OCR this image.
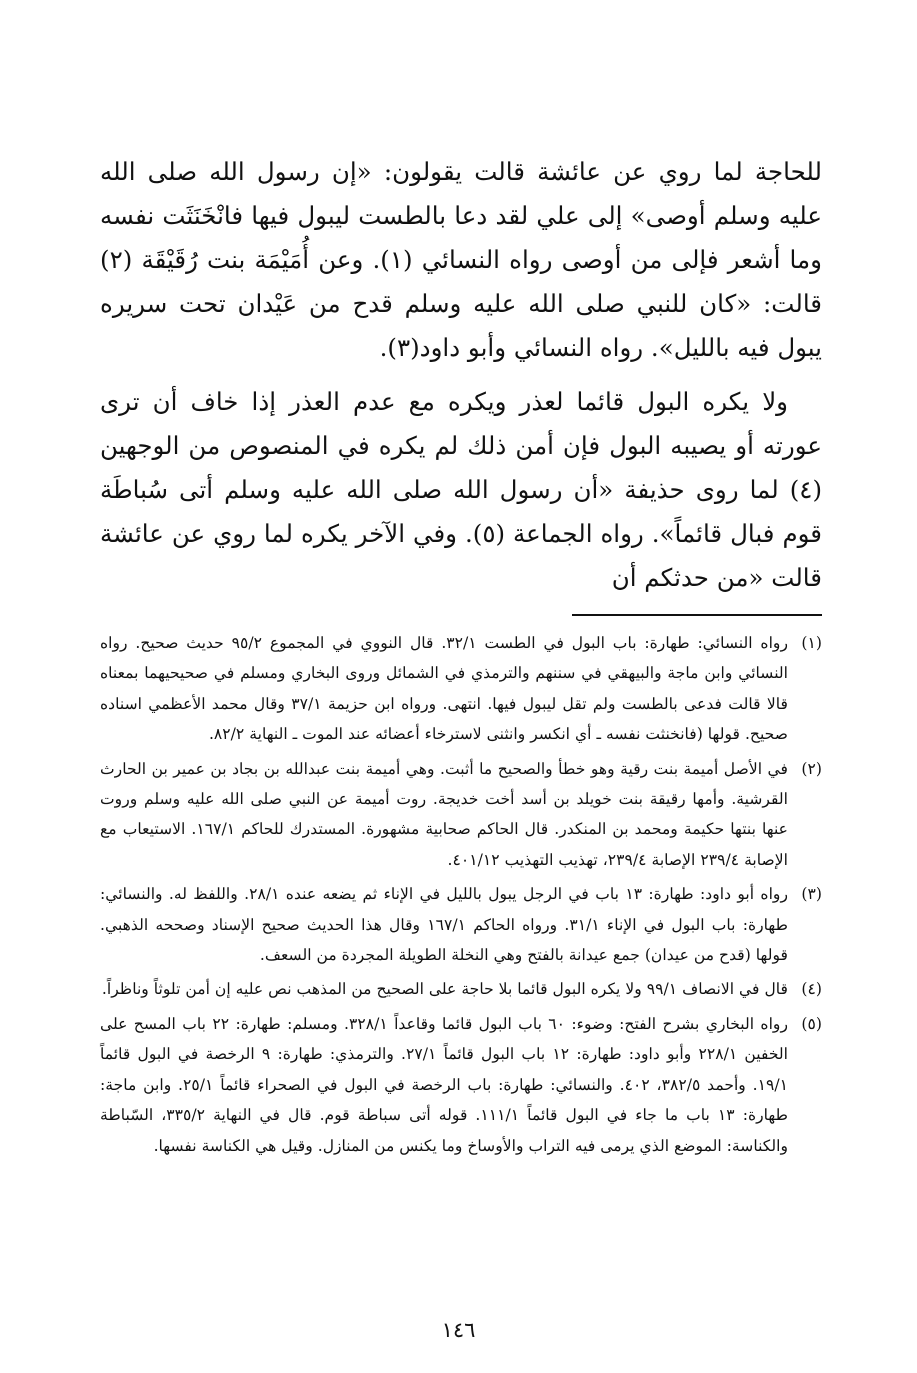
للحاجة لما روي عن عائشة قالت يقولون: «إن رسول الله صلى الله عليه وسلم أوصى» إلى علي لقد دعا بالطست ليبول فيها فانْخَنَثَت نفسه وما أشعر فإلى من أوصى رواه النسائي (١). وعن أُمَيْمَة بنت رُقَيْقَة (٢) قالت: «كان للنبي صلى الله عليه وسلم قدح من عَيْدان تحت سريره يبول فيه بالليل». رواه النسائي وأبو داود(٣).

ولا يكره البول قائما لعذر ويكره مع عدم العذر إذا خاف أن ترى عورته أو يصيبه البول فإن أمن ذلك لم يكره في المنصوص من الوجهين (٤) لما روى حذيفة «أن رسول الله صلى الله عليه وسلم أتى سُباطَة قوم فبال قائماً». رواه الجماعة (٥). وفي الآخر يكره لما روي عن عائشة قالت «من حدثكم أن

(١)
رواه النسائي: طهارة: باب البول في الطست ٣٢/١. قال النووي في المجموع ٩٥/٢ حديث صحيح. رواه النسائي وابن ماجة والبيهقي في سننهم والترمذي في الشمائل وروى البخاري ومسلم في صحيحيهما بمعناه قالا قالت فدعى بالطست ولم تقل ليبول فيها. انتهى. ورواه ابن حزيمة ٣٧/١ وقال محمد الأعظمي اسناده صحيح. قولها (فانخنثت نفسه ـ أي انكسر وانثنى لاسترخاء أعضائه عند الموت ـ النهاية ٨٢/٢.
(٢)
في الأصل أميمة بنت رقية وهو خطأ والصحيح ما أثبت. وهي أميمة بنت عبدالله بن بجاد بن عمير بن الحارث القرشية. وأمها رقيقة بنت خويلد بن أسد أخت خديجة. روت أميمة عن النبي صلى الله عليه وسلم وروت عنها بنتها حكيمة ومحمد بن المنكدر. قال الحاكم صحابية مشهورة. المستدرك للحاكم ١٦٧/١. الاستيعاب مع الإصابة ٢٣٩/٤ الإصابة ٢٣٩/٤، تهذيب التهذيب ٤٠١/١٢.
(٣)
رواه أبو داود: طهارة: ١٣ باب في الرجل يبول بالليل في الإناء ثم يضعه عنده ٢٨/١. واللفظ له. والنسائي: طهارة: باب البول في الإناء ٣١/١. ورواه الحاكم ١٦٧/١ وقال هذا الحديث صحيح الإسناد وصححه الذهبي. قولها (قدح من عيدان) جمع عيدانة بالفتح وهي النخلة الطويلة المجردة من السعف.
(٤)
قال في الانصاف ٩٩/١ ولا يكره البول قائما بلا حاجة على الصحيح من المذهب نص عليه إن أمن تلوثاً وناظراً.
(٥)
رواه البخاري بشرح الفتح: وضوء: ٦٠ باب البول قائما وقاعداً ٣٢٨/١. ومسلم: طهارة: ٢٢ باب المسح على الخفين ٢٢٨/١ وأبو داود: طهارة: ١٢ باب البول قائماً ٢٧/١. والترمذي: طهارة: ٩ الرخصة في البول قائماً ١٩/١. وأحمد ٣٨٢/٥، ٤٠٢. والنسائي: طهارة: باب الرخصة في البول في الصحراء قائماً ٢٥/١. وابن ماجة: طهارة: ١٣ باب ما جاء في البول قائماً ١١١/١. قوله أتى سباطة قوم. قال في النهاية ٣٣٥/٢، السّباطة والكناسة: الموضع الذي يرمى فيه التراب والأوساخ وما يكنس من المنازل. وقيل هي الكناسة نفسها.
١٤٦
